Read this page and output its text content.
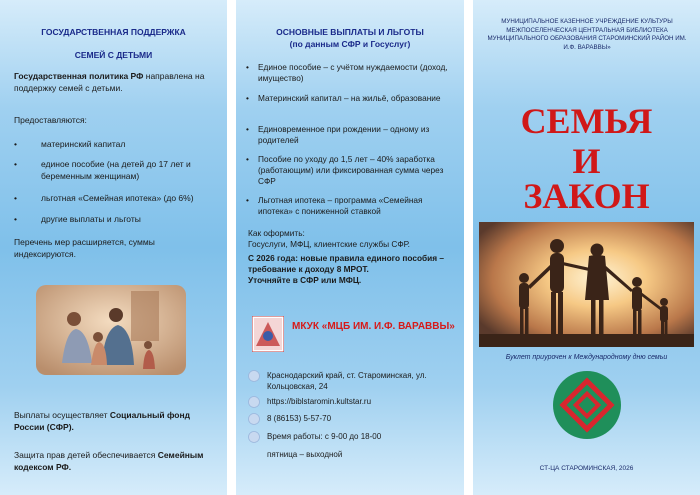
ГОСУДАРСТВЕННАЯ ПОДДЕРЖКА
СЕМЕЙ С ДЕТЬМИ
Государственная политика РФ направлена на поддержку семей с детьми.
Предоставляются:
•	материнский капитал
•	единое пособие (на детей до 17 лет и беременным женщинам)
•	льготная «Семейная ипотека» (до 6%)
•	другие выплаты и льготы
Перечень мер расширяется, суммы индексируются.
Выплаты осуществляет Социальный фонд России (СФР).
Защита прав детей обеспечивается Семейным кодексом РФ.
ОСНОВНЫЕ ВЫПЛАТЫ И ЛЬГОТЫ
(по данным СФР и Госуслуг)
• Единое пособие – с учётом нуждаемости (доход, имущество)
• Материнский капитал – на жильё, образование
• Единовременное при рождении – одному из родителей
• Пособие по уходу до 1,5 лет – 40% заработка (работающим) или фиксированная сумма через СФР
• Льготная ипотека – программа «Семейная ипотека» с пониженной ставкой
Как оформить:
Госуслуги, МФЦ, клиентские службы СФР.
С 2026 года: новые правила единого пособия – требование к доходу 8 МРОТ.
Уточняйте в СФР или МФЦ.
МКУК «МЦБ ИМ. И.Ф. ВАРАВВЫ»
Краснодарский край, ст. Староминская, ул. Кольцовская, 24
https://biblstaromin.kultstar.ru
8 (86153) 5-57-70
Время работы: с 9-00 до 18-00
пятница – выходной
МУНИЦИПАЛЬНОЕ КАЗЕННОЕ УЧРЕЖДЕНИЕ КУЛЬТУРЫ МЕЖПОСЕЛЕНЧЕСКАЯ ЦЕНТРАЛЬНАЯ БИБЛИОТЕКА МУНИЦИПАЛЬНОГО ОБРАЗОВАНИЯ СТАРОМИНСКИЙ РАЙОН ИМ. И.Ф. ВАРАВВЫ»
СЕМЬЯ
И
ЗАКОН
Буклет приурочен к Международному дню семьи
СТ-ЦА СТАРОМИНСКАЯ, 2026
